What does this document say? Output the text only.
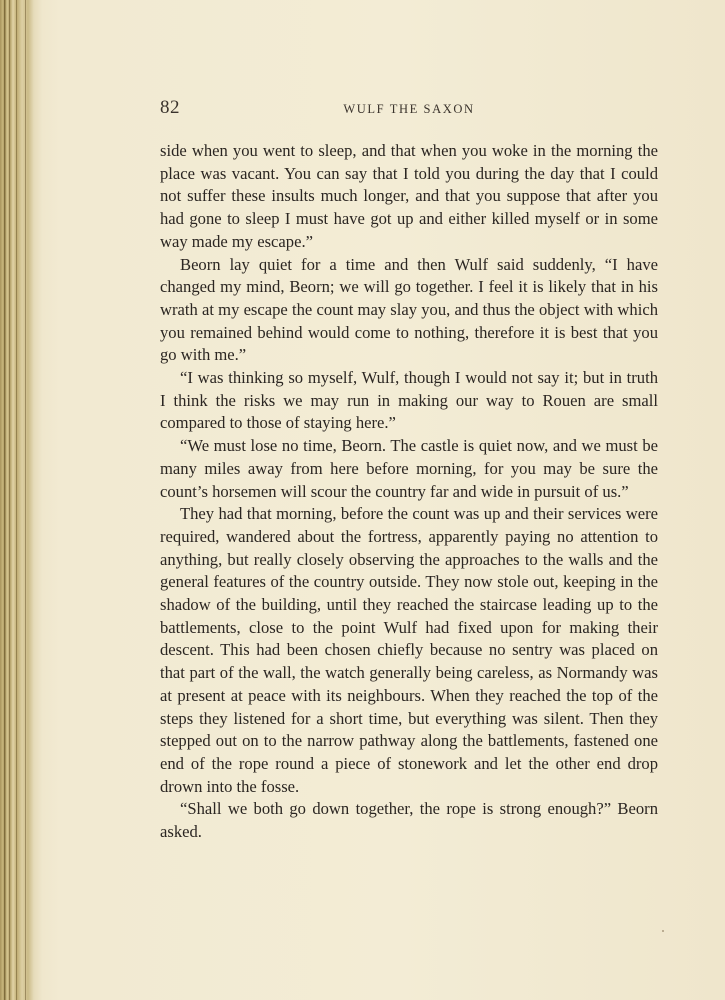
82	WULF THE SAXON

side when you went to sleep, and that when you woke in the morning the place was vacant. You can say that I told you during the day that I could not suffer these insults much longer, and that you suppose that after you had gone to sleep I must have got up and either killed myself or in some way made my escape.”

Beorn lay quiet for a time and then Wulf said suddenly, “I have changed my mind, Beorn; we will go together. I feel it is likely that in his wrath at my escape the count may slay you, and thus the object with which you remained behind would come to nothing, therefore it is best that you go with me.”

“I was thinking so myself, Wulf, though I would not say it; but in truth I think the risks we may run in making our way to Rouen are small compared to those of staying here.”

“We must lose no time, Beorn. The castle is quiet now, and we must be many miles away from here before morning, for you may be sure the count’s horsemen will scour the country far and wide in pursuit of us.”

They had that morning, before the count was up and their services were required, wandered about the fortress, apparently paying no attention to anything, but really closely observing the approaches to the walls and the general features of the country outside. They now stole out, keeping in the shadow of the building, until they reached the staircase leading up to the battlements, close to the point Wulf had fixed upon for making their descent. This had been chosen chiefly because no sentry was placed on that part of the wall, the watch generally being careless, as Normandy was at present at peace with its neighbours. When they reached the top of the steps they listened for a short time, but everything was silent. Then they stepped out on to the narrow pathway along the battlements, fastened one end of the rope round a piece of stonework and let the other end drop drown into the fosse.

“Shall we both go down together, the rope is strong enough?” Beorn asked.
